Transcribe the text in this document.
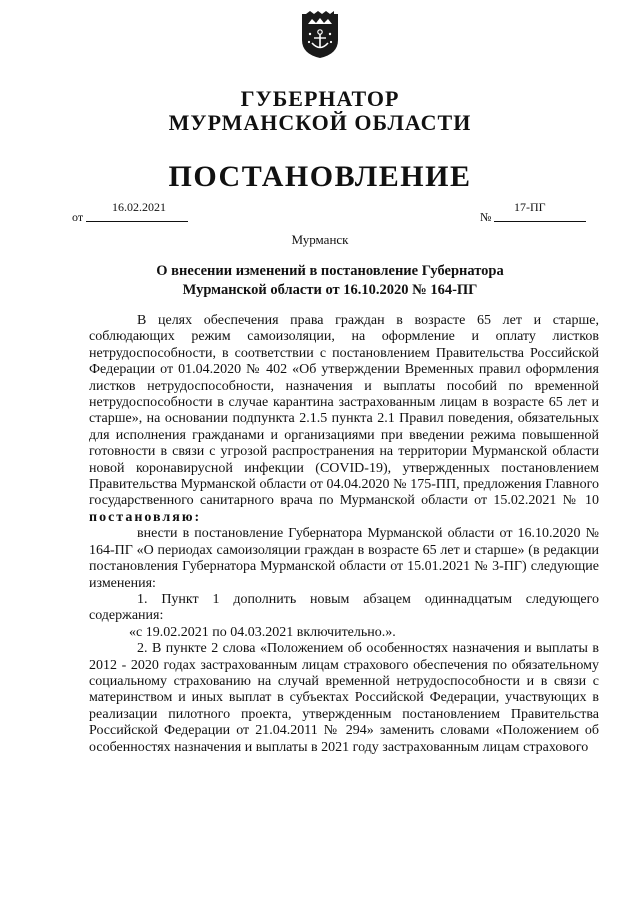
ГУБЕРНАТОР
МУРМАНСКОЙ ОБЛАСТИ
ПОСТАНОВЛЕНИЕ
16.02.2021
от
17-ПГ
№
Мурманск
О внесении изменений в постановление Губернатора Мурманской области от 16.10.2020 № 164-ПГ

В целях обеспечения права граждан в возрасте 65 лет и старше, соблюдающих режим самоизоляции, на оформление и оплату листков нетрудоспособности, в соответствии с постановлением Правительства Российской Федерации от 01.04.2020 № 402 «Об утверждении Временных правил оформления листков нетрудоспособности, назначения и выплаты пособий по временной нетрудоспособности в случае карантина застрахованным лицам в возрасте 65 лет и старше», на основании подпункта 2.1.5 пункта 2.1 Правил поведения, обязательных для исполнения гражданами и организациями при введении режима повышенной готовности в связи с угрозой распространения на территории Мурманской области новой коронавирусной инфекции (COVID-19), утвержденных постановлением Правительства Мурманской области от 04.04.2020 № 175-ПП, предложения Главного государственного санитарного врача по Мурманской области от 15.02.2021 № 10 постановляю:

внести в постановление Губернатора Мурманской области от 16.10.2020 № 164-ПГ «О периодах самоизоляции граждан в возрасте 65 лет и старше» (в редакции постановления Губернатора Мурманской области от 15.01.2021 № 3-ПГ) следующие изменения:

1. Пункт 1 дополнить новым абзацем одиннадцатым следующего содержания:

«с 19.02.2021 по 04.03.2021 включительно.».

2. В пункте 2 слова «Положением об особенностях назначения и выплаты в 2012 - 2020 годах застрахованным лицам страхового обеспечения по обязательному социальному страхованию на случай временной нетрудоспособности и в связи с материнством и иных выплат в субъектах Российской Федерации, участвующих в реализации пилотного проекта, утвержденным постановлением Правительства Российской Федерации от 21.04.2011 № 294» заменить словами «Положением об особенностях назначения и выплаты в 2021 году застрахованным лицам страхового
